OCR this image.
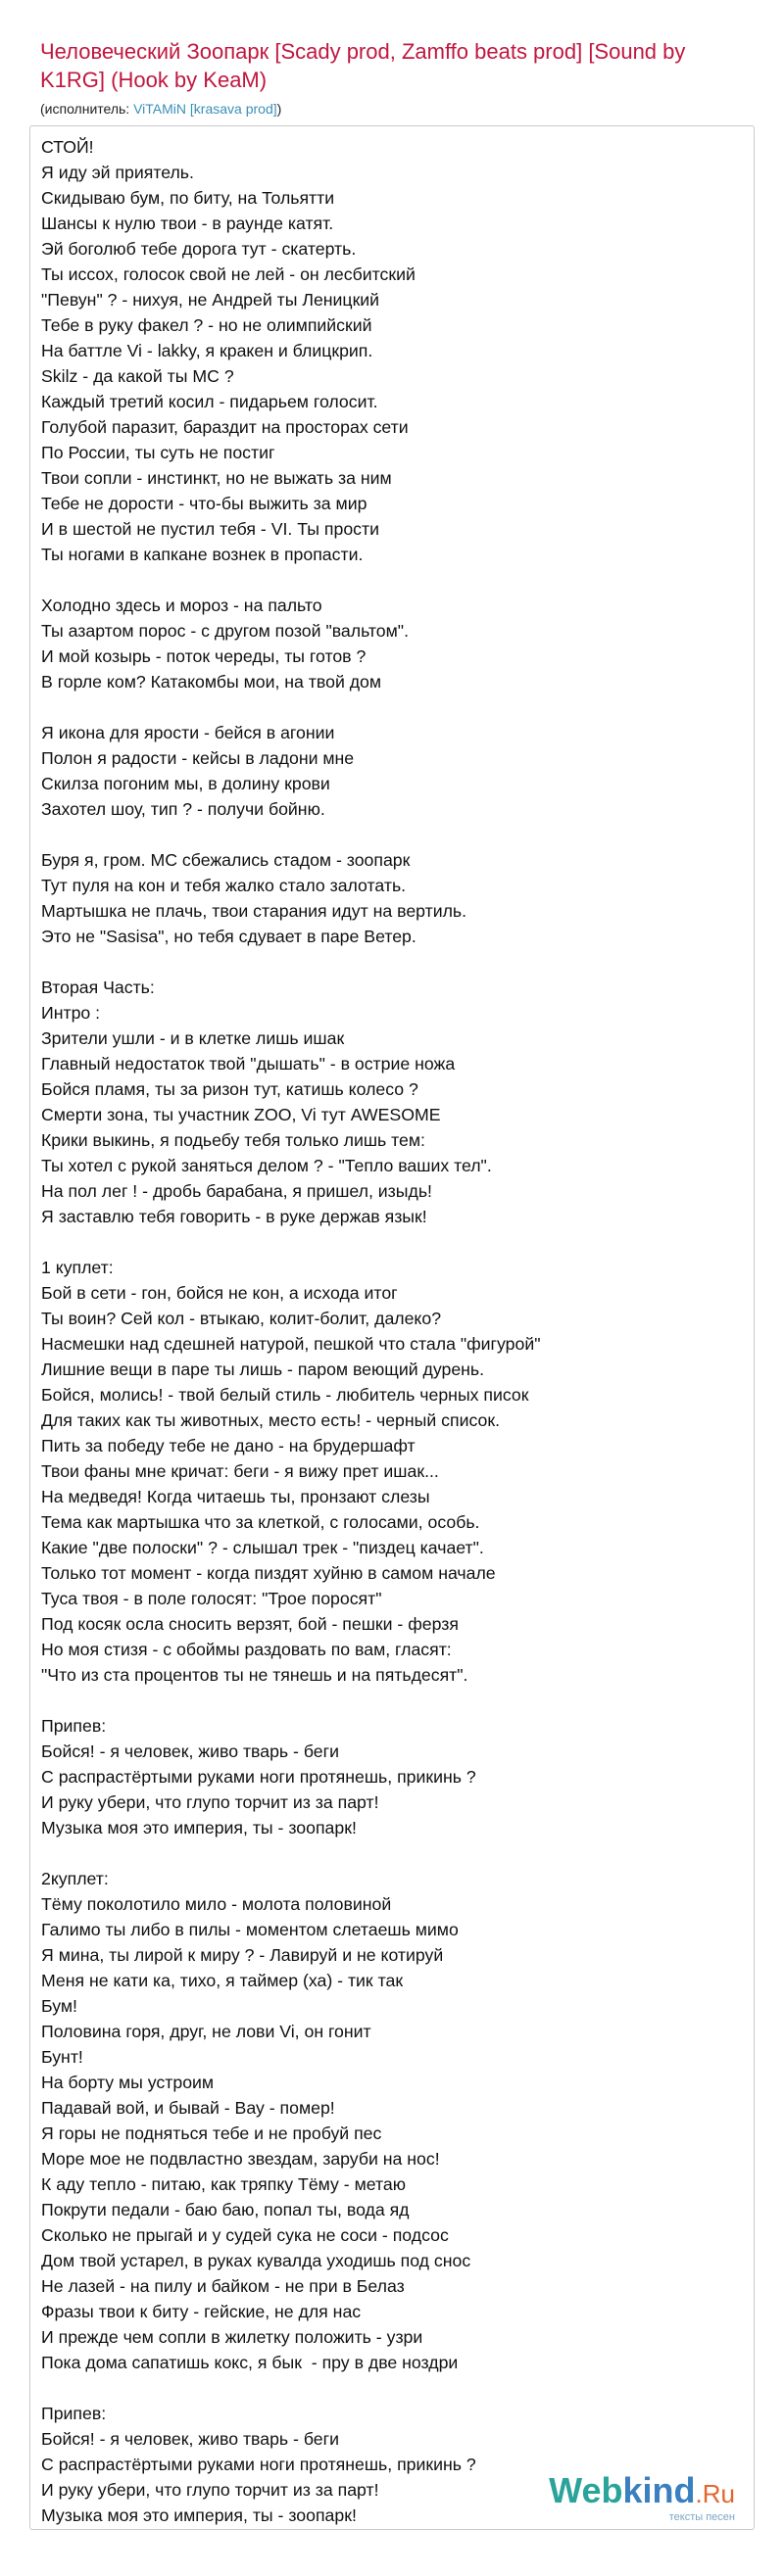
Человеческий Зоопарк [Scady prod, Zamffo beats prod] [Sound by K1RG] (Hook by KeaM)
(исполнитель: ViTAMiN [krasava prod])
СТОЙ!
Я иду эй приятель.
Скидываю бум, по биту, на Тольятти
Шансы к нулю твои - в раунде катят.
Эй боголюб тебе дорога тут - скатерть.
Ты иссох, голосок свой не лей - он лесбитский
"Певун" ? - нихуя, не Андрей ты Леницкий
Тебе в руку факел ? - но не олимпийский
На баттле Vi - lakky, я кракен и блицкрип.
Skilz - да какой ты MC ?
Каждый третий косил - пидарьем голосит.
Голубой паразит, бараздит на просторах сети
По России, ты суть не постиг
Твои сопли - инстинкт, но не выжать за ним
Тебе не дорости - что-бы выжить за мир
И в шестой не пустил тебя - VI. Ты прости
Ты ногами в капкане вознек в пропасти.

Холодно здесь и мороз - на пальто
Ты азартом порос - с другом позой "вальтом".
И мой козырь - поток череды, ты готов ?
В горле ком? Катакомбы мои, на твой дом

Я икона для ярости - бейся в агонии
Полон я радости - кейсы в ладони мне
Скилза погоним мы, в долину крови
Захотел шоу, тип ? - получи бойню.

Буря я, гром. МС сбежались стадом - зоопарк
Тут пуля на кон и тебя жалко стало залотать.
Мартышка не плачь, твои старания идут на вертиль.
Это не "Sasisa", но тебя сдувает в паре Ветер.

Вторая Часть:
Интро :
Зрители ушли - и в клетке лишь ишак
Главный недостаток твой "дышать" - в острие ножа
Бойся пламя, ты за ризон тут, катишь колесо ?
Смерти зона, ты участник ZOO, Vi тут AWESOME
Крики выкинь, я подьебу тебя только лишь тем:
Ты хотел с рукой заняться делом ? - "Тепло ваших тел".
На пол лег ! - дробь барабана, я пришел, изыдь!
Я заставлю тебя говорить - в руке держав язык!

1 куплет:
Бой в сети - гон, бойся не кон, а исхода итог
Ты воин? Сей кол - втыкаю, колит-болит, далеко?
Насмешки над сдешней натурой, пешкой что стала "фигурой"
Лишние вещи в паре ты лишь - паром веющий дурень.
Бойся, молись! - твой белый стиль - любитель черных писок
Для таких как ты животных, место есть! - черный список.
Пить за победу тебе не дано - на брудершафт
Твои фаны мне кричат: беги - я вижу прет ишак...
На медведя! Когда читаешь ты, пронзают слезы
Тема как мартышка что за клеткой, с голосами, особь.
Какие "две полоски" ? - слышал трек - "пиздец качает".
Только тот момент - когда пиздят хуйню в самом начале
Туса твоя - в поле голосят: "Трое поросят"
Под косяк осла сносить верзят, бой - пешки - ферзя
Но моя стизя - с обоймы раздовать по вам, гласят:
"Что из ста процентов ты не тянешь и на пятьдесят".

Припев:
Бойся! - я человек, живо тварь - беги
С распрастёртыми руками ноги протянешь, прикинь ?
И руку убери, что глупо торчит из за парт!
Музыка моя это империя, ты - зоопарк!

2куплет:
Тёму поколотило мило - молота половиной
Галимо ты либо в пилы - моментом слетаешь мимо
Я мина, ты лирой к миру ? - Лавируй и не котируй
Меня не кати ка, тихо, я таймер (ха) - тик так
Бум!
Половина горя, друг, не лови Vi, он гонит
Бунт!
На борту мы устроим
Падавай вой, и бывай - Вау - помер!
Я горы не подняться тебе и не пробуй пес
Море мое не подвластно звездам, заруби на нос!
К аду тепло - питаю, как тряпку Тёму - метаю
Покрути педали - баю баю, попал ты, вода яд
Сколько не прыгай и у судей сука не соси - подсос
Дом твой устарел, в руках кувалда уходишь под снос
Не лазей - на пилу и байком - не при в Белаз
Фразы твои к биту - гейские, не для нас
И прежде чем сопли в жилетку положить - узри
Пока дома сапатишь кокс, я бык  - пру в две ноздри

Припев:
Бойся! - я человек, живо тварь - беги
С распрастёртыми руками ноги протянешь, прикинь ?
И руку убери, что глупо торчит из за парт!
Музыка моя это империя, ты - зоопарк!
Webkind.Ru
тексты песен
